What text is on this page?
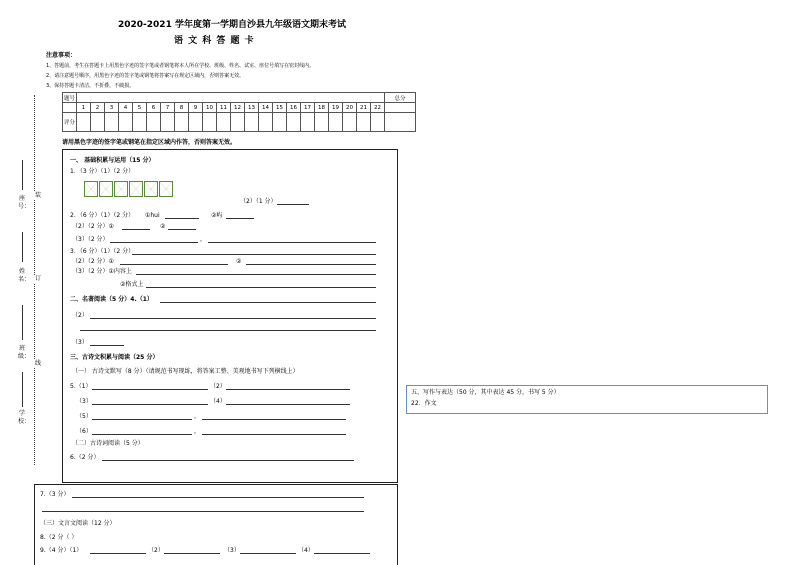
2020-2021 学年度第一学期自沙县九年级语文期末考试
语 文 科 答 题 卡
注意事项：
1、答题前，考生在答题卡上用黑色字迹的签字笔或者钢笔将本人所在学校、班级、姓名、试室、座位号填写在密封线内。
2、请注意题号顺序，用黑色字迹的签字笔或钢笔将答案写在规定区域内，否则答案无效。
3、保持答题卡清洁，不折叠，不破损。
座号：
姓名：
班级：
学校：
装
订
线
题号																							总分
	1	2	3	4	5	6	7	8	9	10	11	12	13	14	15	16	17	18	19	20	21	22	
评分																							
请用黑色字迹的签字笔或钢笔在指定区域内作答，否则答案无效。
一、 基础积累与运用（15 分）
1．（3 分）（1）（2 分）
（2）（1 分）
2．（6 分）（1）（2 分） ①hui	②屿
（2）（2 分）①	②
（3）（2 分）	，
3．（6 分）（1）（2 分）
（2）（2 分）①	②
（3）（2 分）①内容上
②格式上
二、名著阅读（5 分）4.（1）
（2）
（3）
三、古诗文积累与阅读（25 分）
（一） 古诗文默写（8 分）（请规范书写现练，将答案工整、美观地书写下列横线上）
5.（1）	（2）
（3）	（4）
（5）	，
（6）	，
（二）古诗词阅读（5 分）
6.（2 分）
7.（3 分）
（三）文言文阅读（12 分）
8.（2 分（ ）
9.（4 分）（1）	（2）	（3）	（4）
五、写作与表达（50 分，其中表达 45 分，书写 5 分）
22．作文
